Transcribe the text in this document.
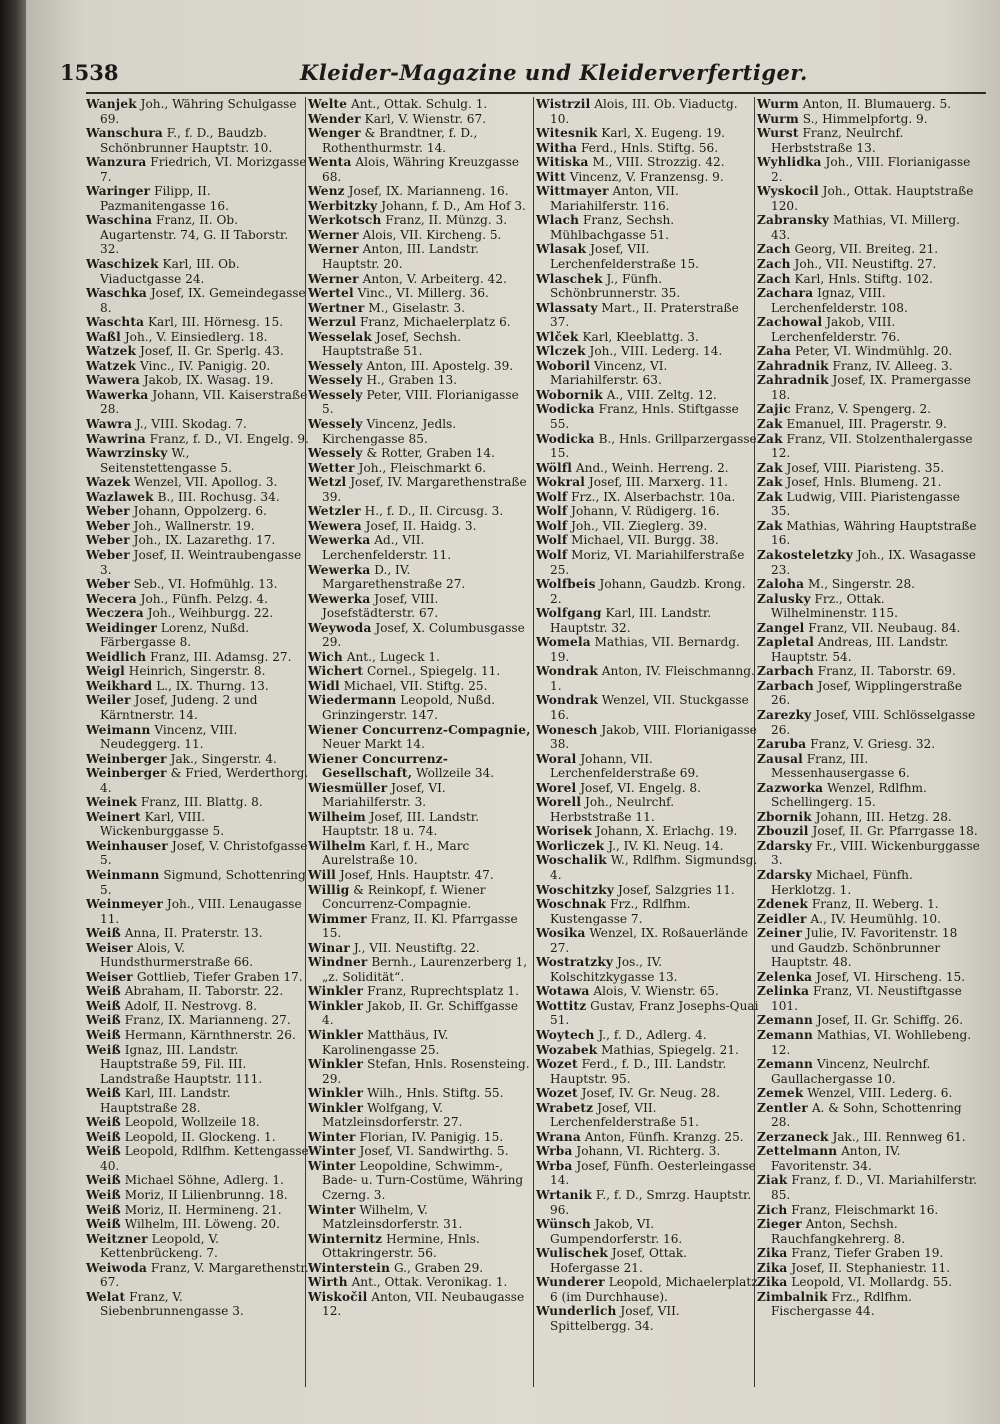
1538	Kleider-Magazine und Kleiderverfertiger.

Wanjek Joh., Währing Schulgasse 69.

Wanschura F., f. D., Baudzb. Schönbrunner Hauptstr. 10.

Wanzura Friedrich, VI. Morizgasse 7.

Waringer Filipp, II. Pazmanitengasse 16.

Waschina Franz, II. Ob. Augartenstr. 74, G. II Taborstr. 32.

Waschizek Karl, III. Ob. Viaductgasse 24.

Waschka Josef, IX. Gemeindegasse 8.

Waschta Karl, III. Hörnesg. 15.

Waßl Joh., V. Einsiedlerg. 18.

Watzek Josef, II. Gr. Sperlg. 43.

Watzek Vinc., IV. Panigig. 20.

Wawera Jakob, IX. Wasag. 19.

Wawerka Johann, VII. Kaiserstraße 28.

Wawra J., VIII. Skodag. 7.

Wawrina Franz, f. D., VI. Engelg. 9.

Wawrzinsky W., Seitenstettengasse 5.

Wazek Wenzel, VII. Apollog. 3.

Wazlawek B., III. Rochusg. 34.

Weber Johann, Oppolzerg. 6.

Weber Joh., Wallnerstr. 19.

Weber Joh., IX. Lazarethg. 17.

Weber Josef, II. Weintraubengasse 3.

Weber Seb., VI. Hofmühlg. 13.

Wecera Joh., Fünfh. Pelzg. 4.

Weczera Joh., Weihburgg. 22.

Weidinger Lorenz, Nußd. Färbergasse 8.

Weidlich Franz, III. Adamsg. 27.

Weigl Heinrich, Singerstr. 8.

Weikhard L., IX. Thurng. 13.

Weiler Josef, Judeng. 2 und Kärntnerstr. 14.

Weimann Vincenz, VIII. Neudeggerg. 11.

Weinberger Jak., Singerstr. 4.

Weinberger & Fried, Werderthorg. 4.

Weinek Franz, III. Blattg. 8.

Weinert Karl, VIII. Wickenburggasse 5.

Weinhauser Josef, V. Christofgasse 5.

Weinmann Sigmund, Schottenring 5.

Weinmeyer Joh., VIII. Lenaugasse 11.

Weiß Anna, II. Praterstr. 13.

Weiser Alois, V. Hundsthurmerstraße 66.

Weiser Gottlieb, Tiefer Graben 17.

Weiß Abraham, II. Taborstr. 22.

Weiß Adolf, II. Nestrovg. 8.

Weiß Franz, IX. Marianneng. 27.

Weiß Hermann, Kärnthnerstr. 26.

Weiß Ignaz, III. Landstr. Hauptstraße 59, Fil. III. Landstraße Hauptstr. 111.

Weiß Karl, III. Landstr. Hauptstraße 28.

Weiß Leopold, Wollzeile 18.

Weiß Leopold, II. Glockeng. 1.

Weiß Leopold, Rdlfhm. Kettengasse 40.

Weiß Michael Söhne, Adlerg. 1.

Weiß Moriz, II Lilienbrunng. 18.

Weiß Moriz, II. Hermineng. 21.

Weiß Wilhelm, III. Löweng. 20.

Weitzner Leopold, V. Kettenbrückeng. 7.

Weiwoda Franz, V. Margarethenstr. 67.

Welat Franz, V. Siebenbrunnengasse 3.

Welte Ant., Ottak. Schulg. 1.

Wender Karl, V. Wienstr. 67.

Wenger & Brandtner, f. D., Rothenthurmstr. 14.

Wenta Alois, Währing Kreuzgasse 68.

Wenz Josef, IX. Marianneng. 16.

Werbitzky Johann, f. D., Am Hof 3.

Werkotsch Franz, II. Münzg. 3.

Werner Alois, VII. Kircheng. 5.

Werner Anton, III. Landstr. Hauptstr. 20.

Werner Anton, V. Arbeiterg. 42.

Wertel Vinc., VI. Millerg. 36.

Wertner M., Giselastr. 3.

Werzul Franz, Michaelerplatz 6.

Wesselak Josef, Sechsh. Hauptstraße 51.

Wessely Anton, III. Apostelg. 39.

Wessely H., Graben 13.

Wessely Peter, VIII. Florianigasse 5.

Wessely Vincenz, Jedls. Kirchengasse 85.

Wessely & Rotter, Graben 14.

Wetter Joh., Fleischmarkt 6.

Wetzl Josef, IV. Margarethenstraße 39.

Wetzler H., f. D., II. Circusg. 3.

Wewera Josef, II. Haidg. 3.

Wewerka Ad., VII. Lerchenfelderstr. 11.

Wewerka D., IV. Margarethenstraße 27.

Wewerka Josef, VIII. Josefstädterstr. 67.

Weywoda Josef, X. Columbusgasse 29.

Wich Ant., Lugeck 1.

Wichert Cornel., Spiegelg. 11.

Widl Michael, VII. Stiftg. 25.

Wiedermann Leopold, Nußd. Grinzingerstr. 147.

Wiener Concurrenz-Compagnie, Neuer Markt 14.

Wiener Concurrenz-Gesellschaft, Wollzeile 34.

Wiesmüller Josef, VI. Mariahilferstr. 3.

Wilheim Josef, III. Landstr. Hauptstr. 18 u. 74.

Wilhelm Karl, f. H., Marc Aurelstraße 10.

Will Josef, Hnls. Hauptstr. 47.

Willig & Reinkopf, f. Wiener Concurrenz-Compagnie.

Wimmer Franz, II. Kl. Pfarrgasse 15.

Winar J., VII. Neustiftg. 22.

Windner Bernh., Laurenzerberg 1, „z. Solidität“.

Winkler Franz, Ruprechtsplatz 1.

Winkler Jakob, II. Gr. Schiffgasse 4.

Winkler Matthäus, IV. Karolinengasse 25.

Winkler Stefan, Hnls. Rosensteing. 29.

Winkler Wilh., Hnls. Stiftg. 55.

Winkler Wolfgang, V. Matzleinsdorferstr. 27.

Winter Florian, IV. Panigig. 15.

Winter Josef, VI. Sandwirthg. 5.

Winter Leopoldine, Schwimm-, Bade- u. Turn-Costüme, Währing Czerng. 3.

Winter Wilhelm, V. Matzleinsdorferstr. 31.

Winternitz Hermine, Hnls. Ottakringerstr. 56.

Winterstein G., Graben 29.

Wirth Ant., Ottak. Veronikag. 1.

Wiskočil Anton, VII. Neubaugasse 12.

Wistrzil Alois, III. Ob. Viaductg. 10.

Witesnik Karl, X. Eugeng. 19.

Witha Ferd., Hnls. Stiftg. 56.

Witiska M., VIII. Strozzig. 42.

Witt Vincenz, V. Franzensg. 9.

Wittmayer Anton, VII. Mariahilferstr. 116.

Wlach Franz, Sechsh. Mühlbachgasse 51.

Wlasak Josef, VII. Lerchenfelderstraße 15.

Wlaschek J., Fünfh. Schönbrunnerstr. 35.

Wlassaty Mart., II. Praterstraße 37.

Wlček Karl, Kleeblattg. 3.

Wlczek Joh., VIII. Lederg. 14.

Woboril Vincenz, VI. Mariahilferstr. 63.

Wobornik A., VIII. Zeltg. 12.

Wodicka Franz, Hnls. Stiftgasse 55.

Wodicka B., Hnls. Grillparzergasse 15.

Wölfl And., Weinh. Herreng. 2.

Wokral Josef, III. Marxerg. 11.

Wolf Frz., IX. Alserbachstr. 10a.

Wolf Johann, V. Rüdigerg. 16.

Wolf Joh., VII. Zieglerg. 39.

Wolf Michael, VII. Burgg. 38.

Wolf Moriz, VI. Mariahilferstraße 25.

Wolfbeis Johann, Gaudzb. Krong. 2.

Wolfgang Karl, III. Landstr. Hauptstr. 32.

Womela Mathias, VII. Bernardg. 19.

Wondrak Anton, IV. Fleischmanng. 1.

Wondrak Wenzel, VII. Stuckgasse 16.

Wonesch Jakob, VIII. Florianigasse 38.

Woral Johann, VII. Lerchenfelderstraße 69.

Worel Josef, VI. Engelg. 8.

Worell Joh., Neulrchf. Herbststraße 11.

Worisek Johann, X. Erlachg. 19.

Worliczek J., IV. Kl. Neug. 14.

Woschalik W., Rdlfhm. Sigmundsg. 4.

Woschitzky Josef, Salzgries 11.

Woschnak Frz., Rdlfhm. Kustengasse 7.

Wosika Wenzel, IX. Roßauerlände 27.

Wostratzky Jos., IV. Kolschitzkygasse 13.

Wotawa Alois, V. Wienstr. 65.

Wottitz Gustav, Franz Josephs-Quai 51.

Woytech J., f. D., Adlerg. 4.

Wozabek Mathias, Spiegelg. 21.

Wozet Ferd., f. D., III. Landstr. Hauptstr. 95.

Wozet Josef, IV. Gr. Neug. 28.

Wrabetz Josef, VII. Lerchenfelderstraße 51.

Wrana Anton, Fünfh. Kranzg. 25.

Wrba Johann, VI. Richterg. 3.

Wrba Josef, Fünfh. Oesterleingasse 14.

Wrtanik F., f. D., Smrzg. Hauptstr. 96.

Wünsch Jakob, VI. Gumpendorferstr. 16.

Wulischek Josef, Ottak. Hofergasse 21.

Wunderer Leopold, Michaelerplatz 6 (im Durchhause).

Wunderlich Josef, VII. Spittelbergg. 34.

Wurm Anton, II. Blumauerg. 5.

Wurm S., Himmelpfortg. 9.

Wurst Franz, Neulrchf. Herbststraße 13.

Wyhlidka Joh., VIII. Florianigasse 2.

Wyskocil Joh., Ottak. Hauptstraße 120.

Zabransky Mathias, VI. Millerg. 43.

Zach Georg, VII. Breiteg. 21.

Zach Joh., VII. Neustiftg. 27.

Zach Karl, Hnls. Stiftg. 102.

Zachara Ignaz, VIII. Lerchenfelderstr. 108.

Zachowal Jakob, VIII. Lerchenfelderstr. 76.

Zaha Peter, VI. Windmühlg. 20.

Zahradnik Franz, IV. Alleeg. 3.

Zahradnik Josef, IX. Pramergasse 18.

Zajic Franz, V. Spengerg. 2.

Zak Emanuel, III. Pragerstr. 9.

Zak Franz, VII. Stolzenthalergasse 12.

Zak Josef, VIII. Piaristeng. 35.

Zak Josef, Hnls. Blumeng. 21.

Zak Ludwig, VIII. Piaristengasse 35.

Zak Mathias, Währing Hauptstraße 16.

Zakosteletzky Joh., IX. Wasagasse 23.

Zaloha M., Singerstr. 28.

Zalusky Frz., Ottak. Wilhelminenstr. 115.

Zangel Franz, VII. Neubaug. 84.

Zapletal Andreas, III. Landstr. Hauptstr. 54.

Zarbach Franz, II. Taborstr. 69.

Zarbach Josef, Wipplingerstraße 26.

Zarezky Josef, VIII. Schlösselgasse 26.

Zaruba Franz, V. Griesg. 32.

Zausal Franz, III. Messenhausergasse 6.

Zazworka Wenzel, Rdlfhm. Schellingerg. 15.

Zbornik Johann, III. Hetzg. 28.

Zbouzil Josef, II. Gr. Pfarrgasse 18.

Zdarsky Fr., VIII. Wickenburggasse 3.

Zdarsky Michael, Fünfh. Herklotzg. 1.

Zdenek Franz, II. Weberg. 1.

Zeidler A., IV. Heumühlg. 10.

Zeiner Julie, IV. Favoritenstr. 18 und Gaudzb. Schönbrunner Hauptstr. 48.

Zelenka Josef, VI. Hirscheng. 15.

Zelinka Franz, VI. Neustiftgasse 101.

Zemann Josef, II. Gr. Schiffg. 26.

Zemann Mathias, VI. Wohllebeng. 12.

Zemann Vincenz, Neulrchf. Gaullachergasse 10.

Zemek Wenzel, VIII. Lederg. 6.

Zentler A. & Sohn, Schottenring 28.

Zerzaneck Jak., III. Rennweg 61.

Zettelmann Anton, IV. Favoritenstr. 34.

Ziak Franz, f. D., VI. Mariahilferstr. 85.

Zich Franz, Fleischmarkt 16.

Zieger Anton, Sechsh. Rauchfangkehrerg. 8.

Zika Franz, Tiefer Graben 19.

Zika Josef, II. Stephaniestr. 11.

Zika Leopold, VI. Mollardg. 55.

Zimbalnik Frz., Rdlfhm. Fischergasse 44.
